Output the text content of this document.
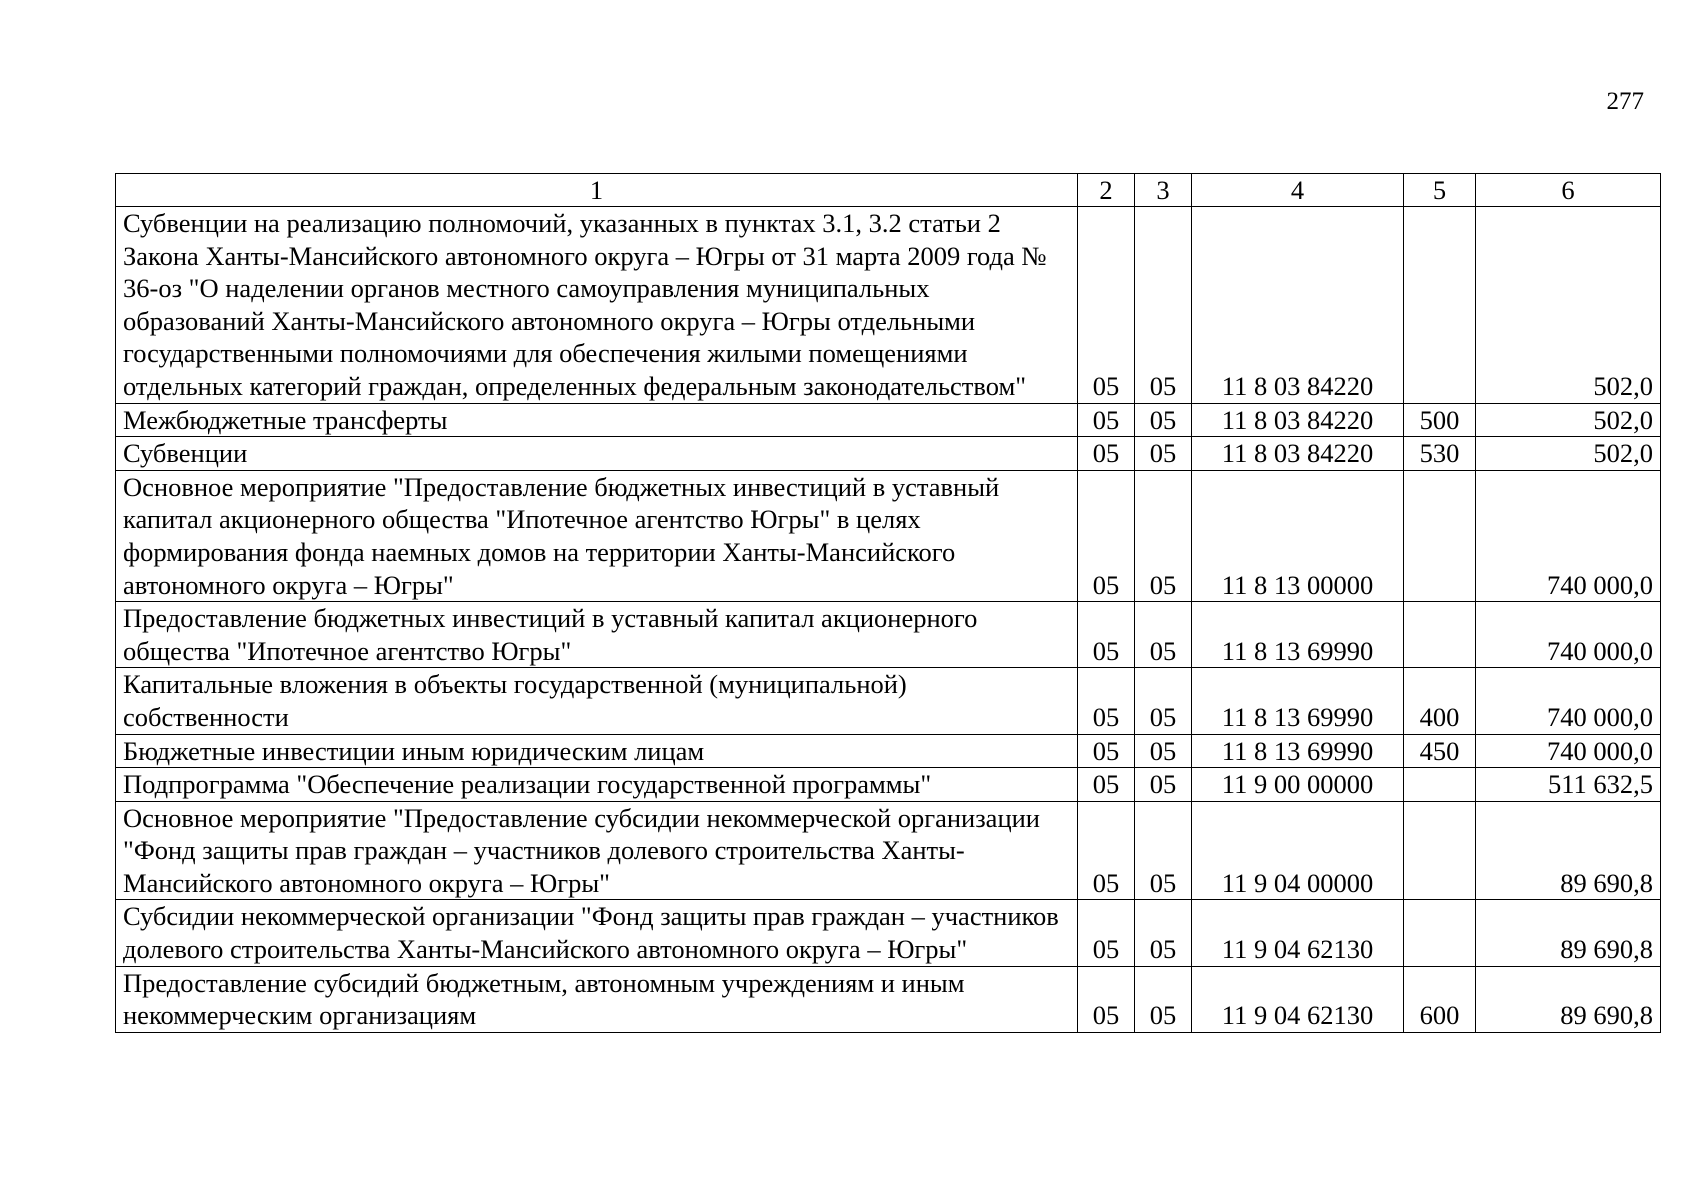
277
1	2	3	4	5	6
Субвенции на реализацию полномочий, указанных в пунктах 3.1, 3.2 статьи 2 Закона Ханты-Мансийского автономного округа – Югры от 31 марта 2009 года № 36-оз "О наделении органов местного самоуправления муниципальных образований Ханты-Мансийского автономного округа – Югры отдельными государственными полномочиями для обеспечения жилыми помещениями отдельных категорий граждан, определенных федеральным законодательством"	05	05	11 8 03 84220		502,0
Межбюджетные трансферты	05	05	11 8 03 84220	500	502,0
Субвенции	05	05	11 8 03 84220	530	502,0
Основное мероприятие "Предоставление бюджетных инвестиций в уставный капитал акционерного общества "Ипотечное агентство Югры" в целях формирования фонда наемных домов на территории Ханты-Мансийского автономного округа – Югры"	05	05	11 8 13 00000		740 000,0
Предоставление бюджетных инвестиций в уставный капитал акционерного общества "Ипотечное агентство Югры"	05	05	11 8 13 69990		740 000,0
Капитальные вложения в объекты государственной (муниципальной) собственности	05	05	11 8 13 69990	400	740 000,0
Бюджетные инвестиции иным юридическим лицам	05	05	11 8 13 69990	450	740 000,0
Подпрограмма "Обеспечение реализации государственной программы"	05	05	11 9 00 00000		511 632,5
Основное мероприятие "Предоставление субсидии некоммерческой организации "Фонд защиты прав граждан – участников долевого строительства Ханты-Мансийского автономного округа – Югры"	05	05	11 9 04 00000		89 690,8
Субсидии некоммерческой организации "Фонд защиты прав граждан – участников долевого строительства Ханты-Мансийского автономного округа – Югры"	05	05	11 9 04 62130		89 690,8
Предоставление субсидий бюджетным, автономным учреждениям и иным некоммерческим организациям	05	05	11 9 04 62130	600	89 690,8
